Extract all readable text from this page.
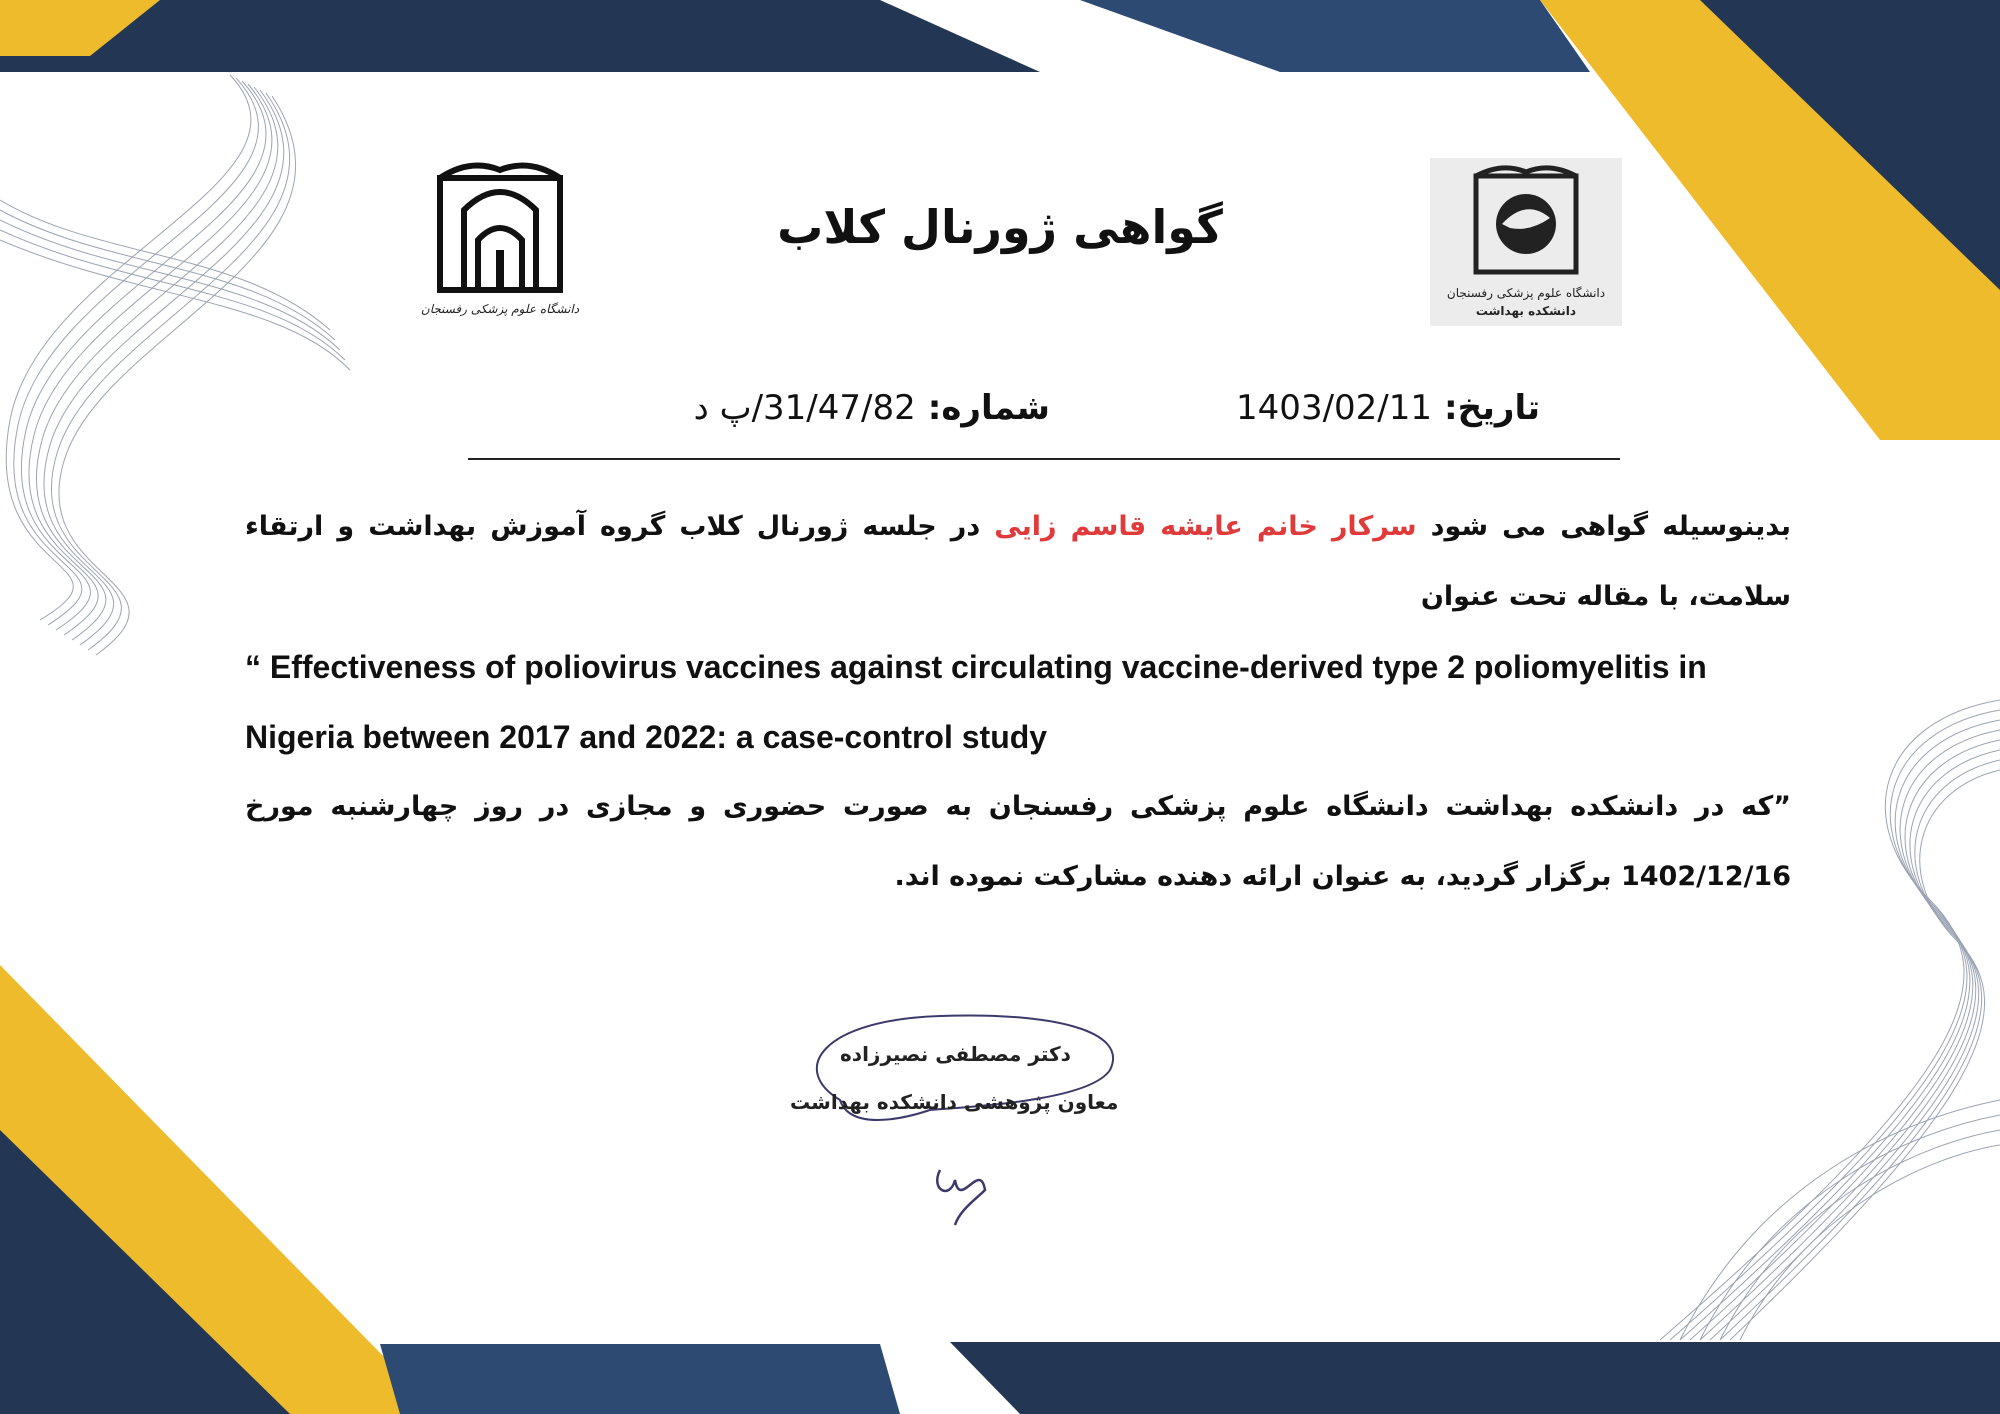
دانشگاه علوم پزشکی رفسنجان
دانشگاه علوم پزشکی رفسنجان
دانشکده بهداشت
گواهی ژورنال کلاب
تاریخ:1403/02/11
شماره:31/47/82/پ د

بدینوسیله گواهی می شود سرکار خانم عایشه قاسم زایی در جلسه ژورنال کلاب گروه آموزش بهداشت و ارتقاء سلامت، با مقاله تحت عنوان

“ Effectiveness of poliovirus vaccines against circulating vaccine-derived type 2 poliomyelitis in Nigeria between 2017 and 2022: a case-control study

”که در دانشکده بهداشت دانشگاه علوم پزشکی رفسنجان به صورت حضوری و مجازی در روز چهارشنبه مورخ 1402/12/16 برگزار گردید، به عنوان ارائه دهنده مشارکت نموده اند.

دکتر مصطفی نصیرزاده
معاون پژوهشی دانشکده بهداشت
